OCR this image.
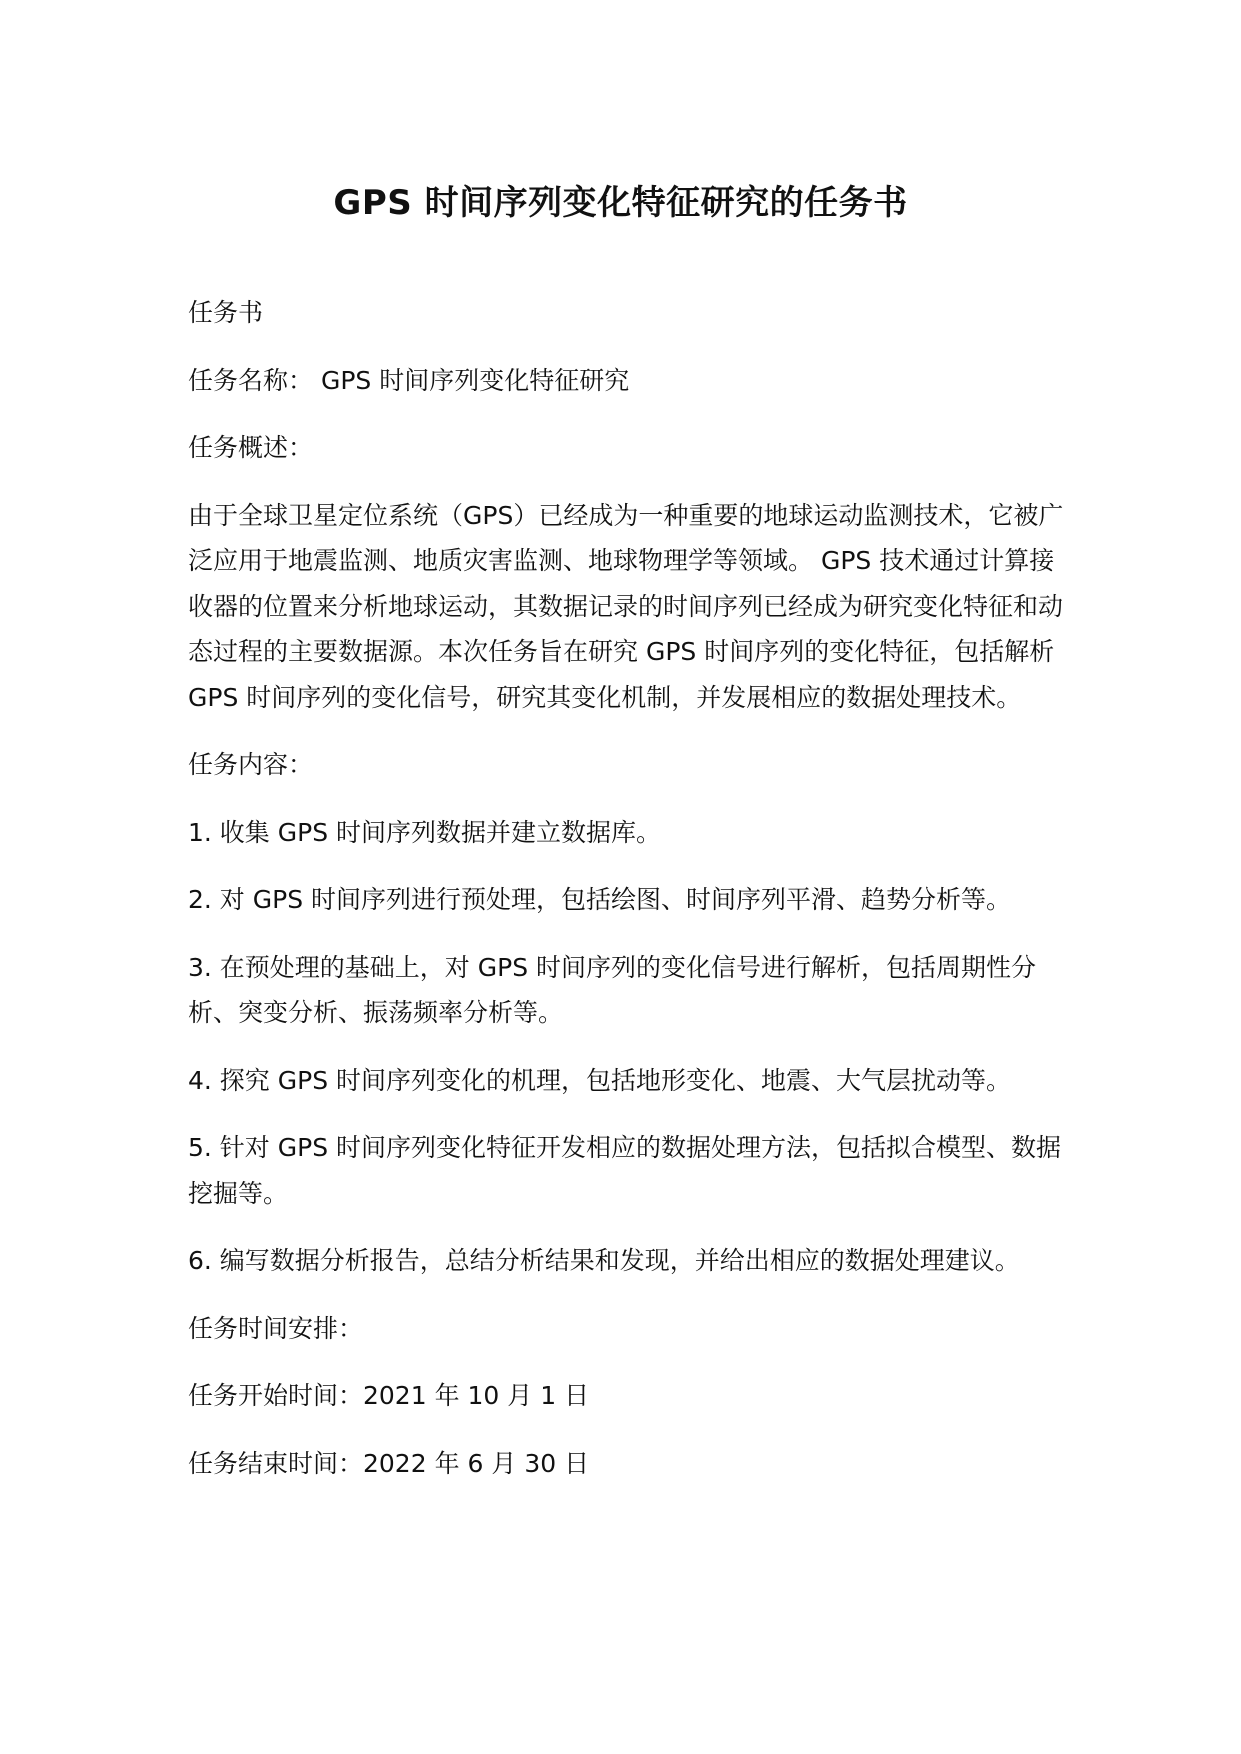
GPS 时间序列变化特征研究的任务书

任务书

任务名称： GPS 时间序列变化特征研究

任务概述：

由于全球卫星定位系统（GPS）已经成为一种重要的地球运动监测技术，它被广泛应用于地震监测、地质灾害监测、地球物理学等领域。 GPS 技术通过计算接收器的位置来分析地球运动，其数据记录的时间序列已经成为研究变化特征和动态过程的主要数据源。本次任务旨在研究 GPS 时间序列的变化特征，包括解析 GPS 时间序列的变化信号，研究其变化机制，并发展相应的数据处理技术。

任务内容：

1. 收集 GPS 时间序列数据并建立数据库。

2. 对 GPS 时间序列进行预处理，包括绘图、时间序列平滑、趋势分析等。

3. 在预处理的基础上，对 GPS 时间序列的变化信号进行解析，包括周期性分析、突变分析、振荡频率分析等。

4. 探究 GPS 时间序列变化的机理，包括地形变化、地震、大气层扰动等。

5. 针对 GPS 时间序列变化特征开发相应的数据处理方法，包括拟合模型、数据挖掘等。

6. 编写数据分析报告，总结分析结果和发现，并给出相应的数据处理建议。

任务时间安排：

任务开始时间：2021 年 10 月 1 日

任务结束时间：2022 年 6 月 30 日
